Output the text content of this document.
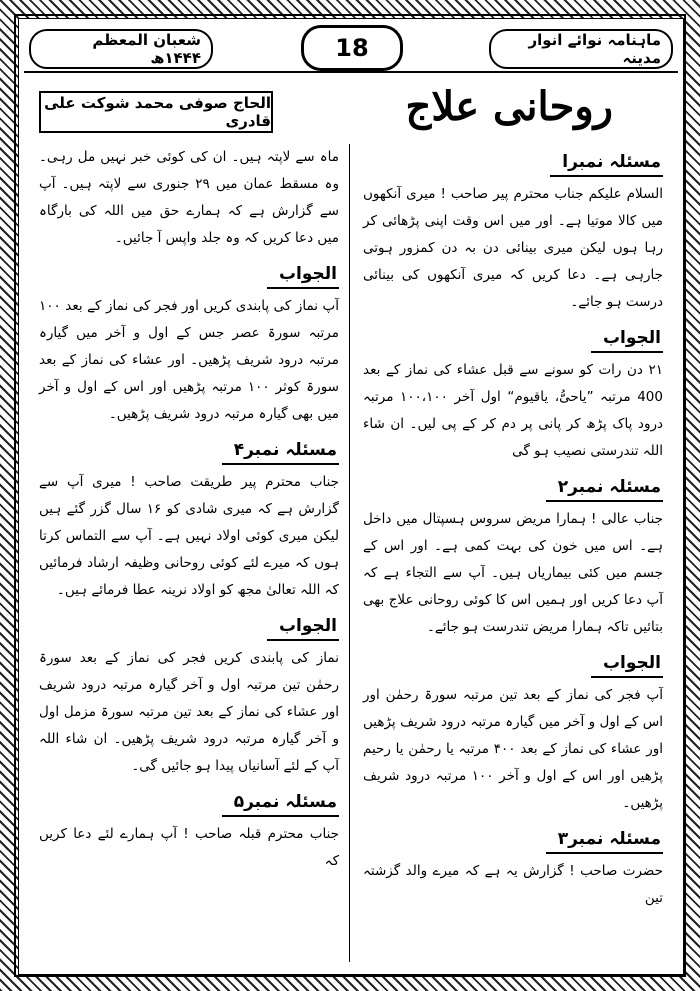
ماہنامہ نوائے انوار مدینہ
18
شعبان المعظم ۱۴۴۴ھ
روحانی علاج
الحاج صوفی محمد شوکت علی قادری
مسئلہ نمبرا

السلام علیکم جناب محترم پیر صاحب ! میری آنکھوں میں کالا موتیا ہے۔ اور میں اس وقت اپنی پڑھائی کر رہا ہوں لیکن میری بینائی دن بہ دن کمزور ہوتی جارہی ہے۔ دعا کریں کہ میری آنکھوں کی بینائی درست ہو جائے۔

الجواب

۲۱ دن رات کو سونے سے قبل عشاء کی نماز کے بعد 400 مرتبہ ”یاحیُّ، یاقیوم“ اول آخر ۱۰۰،۱۰۰ مرتبہ درود پاک پڑھ کر پانی پر دم کر کے پی لیں۔ ان شاء اللہ تندرستی نصیب ہو گی

مسئلہ نمبر۲

جناب عالی ! ہمارا مریض سروس ہسپتال میں داخل ہے۔ اس میں خون کی بہت کمی ہے۔ اور اس کے جسم میں کئی بیماریاں ہیں۔ آپ سے التجاء ہے کہ آپ دعا کریں اور ہمیں اس کا کوئی روحانی علاج بھی بتائیں تاکہ ہمارا مریض تندرست ہو جائے۔

الجواب

آپ فجر کی نماز کے بعد تین مرتبہ سورۃ رحمٰن اور اس کے اول و آخر میں گیارہ مرتبہ درود شریف پڑھیں اور عشاء کی نماز کے بعد ۴۰۰ مرتبہ یا رحمٰن یا رحیم پڑھیں اور اس کے اول و آخر ۱۰۰ مرتبہ درود شریف پڑھیں۔

مسئلہ نمبر۳

حضرت صاحب ! گزارش یہ ہے کہ میرے والد گزشتہ تین

ماہ سے لاپتہ ہیں۔ ان کی کوئی خبر نہیں مل رہی۔ وہ مسقط عمان میں ۲۹ جنوری سے لاپتہ ہیں۔ آپ سے گزارش ہے کہ ہمارے حق میں اللہ کی بارگاہ میں دعا کریں کہ وہ جلد واپس آ جائیں۔

الجواب

آپ نماز کی پابندی کریں اور فجر کی نماز کے بعد ۱۰۰ مرتبہ سورۃ عصر جس کے اول و آخر میں گیارہ مرتبہ درود شریف پڑھیں۔ اور عشاء کی نماز کے بعد سورۃ کوثر ۱۰۰ مرتبہ پڑھیں اور اس کے اول و آخر میں بھی گیارہ مرتبہ درود شریف پڑھیں۔

مسئلہ نمبر۴

جناب محترم پیر طریقت صاحب ! میری آپ سے گزارش ہے کہ میری شادی کو ۱۶ سال گزر گئے ہیں لیکن میری کوئی اولاد نہیں ہے۔ آپ سے التماس کرتا ہوں کہ میرے لئے کوئی روحانی وظیفہ ارشاد فرمائیں کہ اللہ تعالیٰ مجھ کو اولاد نرینہ عطا فرمائے ہیں۔

الجواب

نماز کی پابندی کریں فجر کی نماز کے بعد سورۃ رحمٰن تین مرتبہ اول و آخر گیارہ مرتبہ درود شریف اور عشاء کی نماز کے بعد تین مرتبہ سورۃ مزمل اول و آخر گیارہ مرتبہ درود شریف پڑھیں۔ ان شاء اللہ آپ کے لئے آسانیاں پیدا ہو جائیں گی۔

مسئلہ نمبر۵

جناب محترم قبلہ صاحب ! آپ ہمارے لئے دعا کریں کہ
